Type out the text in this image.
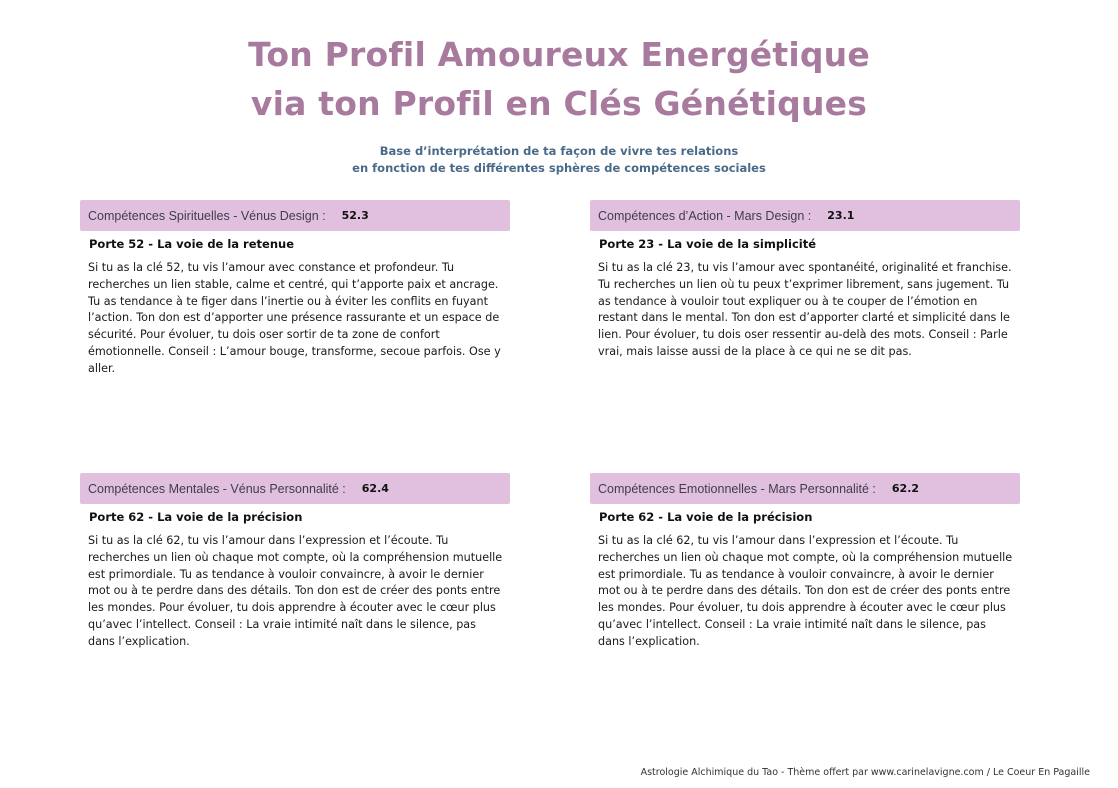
Ton Profil Amoureux Energétique
via ton Profil en Clés Génétiques
Base d’interprétation de ta façon de vivre tes relations
en fonction de tes différentes sphères de compétences sociales
Compétences Spirituelles - Vénus Design : 52.3
Porte 52 - La voie de la retenue
Si tu as la clé 52, tu vis l’amour avec constance et profondeur. Tu recherches un lien stable, calme et centré, qui t’apporte paix et ancrage. Tu as tendance à te figer dans l’inertie ou à éviter les conflits en fuyant l’action. Ton don est d’apporter une présence rassurante et un espace de sécurité. Pour évoluer, tu dois oser sortir de ta zone de confort émotionnelle. Conseil : L’amour bouge, transforme, secoue parfois. Ose y aller.
Compétences d’Action - Mars Design : 23.1
Porte 23 - La voie de la simplicité
Si tu as la clé 23, tu vis l’amour avec spontanéité, originalité et franchise. Tu recherches un lien où tu peux t’exprimer librement, sans jugement. Tu as tendance à vouloir tout expliquer ou à te couper de l’émotion en restant dans le mental. Ton don est d’apporter clarté et simplicité dans le lien. Pour évoluer, tu dois oser ressentir au-delà des mots. Conseil : Parle vrai, mais laisse aussi de la place à ce qui ne se dit pas.
Compétences Mentales - Vénus Personnalité : 62.4
Porte 62 - La voie de la précision
Si tu as la clé 62, tu vis l’amour dans l’expression et l’écoute. Tu recherches un lien où chaque mot compte, où la compréhension mutuelle est primordiale. Tu as tendance à vouloir convaincre, à avoir le dernier mot ou à te perdre dans des détails. Ton don est de créer des ponts entre les mondes. Pour évoluer, tu dois apprendre à écouter avec le cœur plus qu’avec l’intellect. Conseil : La vraie intimité naît dans le silence, pas dans l’explication.
Compétences Emotionnelles - Mars Personnalité : 62.2
Porte 62 - La voie de la précision
Si tu as la clé 62, tu vis l’amour dans l’expression et l’écoute. Tu recherches un lien où chaque mot compte, où la compréhension mutuelle est primordiale. Tu as tendance à vouloir convaincre, à avoir le dernier mot ou à te perdre dans des détails. Ton don est de créer des ponts entre les mondes. Pour évoluer, tu dois apprendre à écouter avec le cœur plus qu’avec l’intellect. Conseil : La vraie intimité naît dans le silence, pas dans l’explication.
Astrologie Alchimique du Tao - Thème offert par www.carinelavigne.com / Le Coeur En Pagaille
